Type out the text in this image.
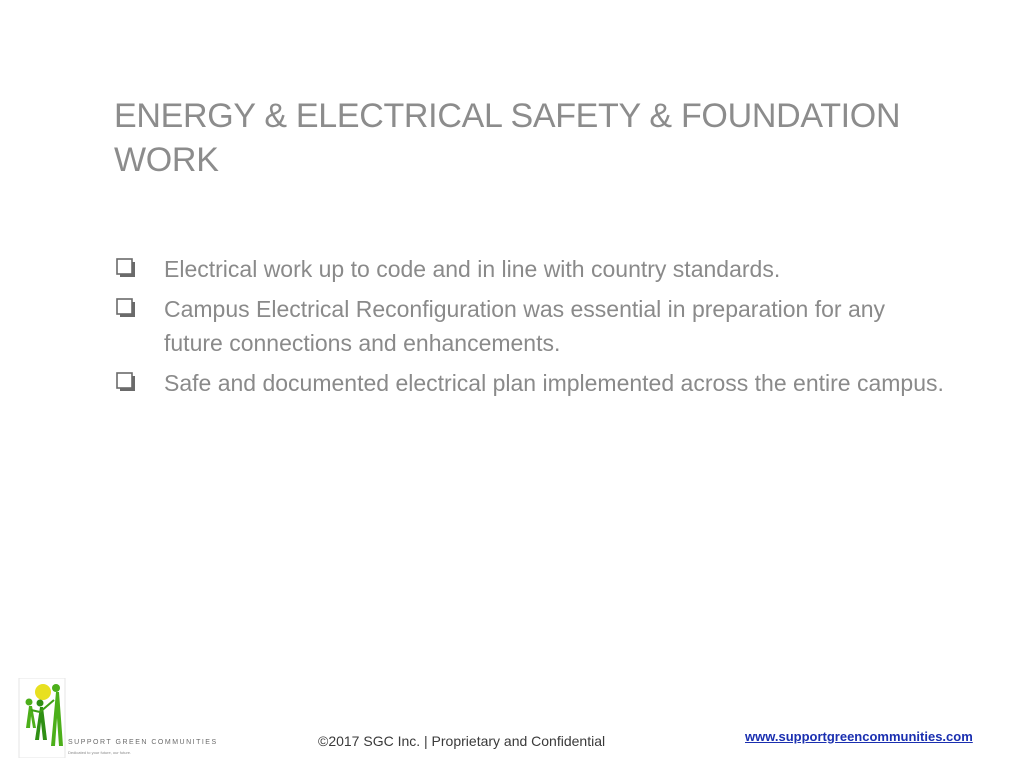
ENERGY & ELECTRICAL SAFETY & FOUNDATION WORK
Electrical work up to code and in line with country standards.
Campus Electrical Reconfiguration was essential in preparation for any future connections and enhancements.
Safe and documented electrical plan implemented across the entire campus.
SUPPORT GREEN COMMUNITIES
Dedicated to your future, our future.
©2017 SGC Inc. | Proprietary and Confidential	www.supportgreencommunities.com
